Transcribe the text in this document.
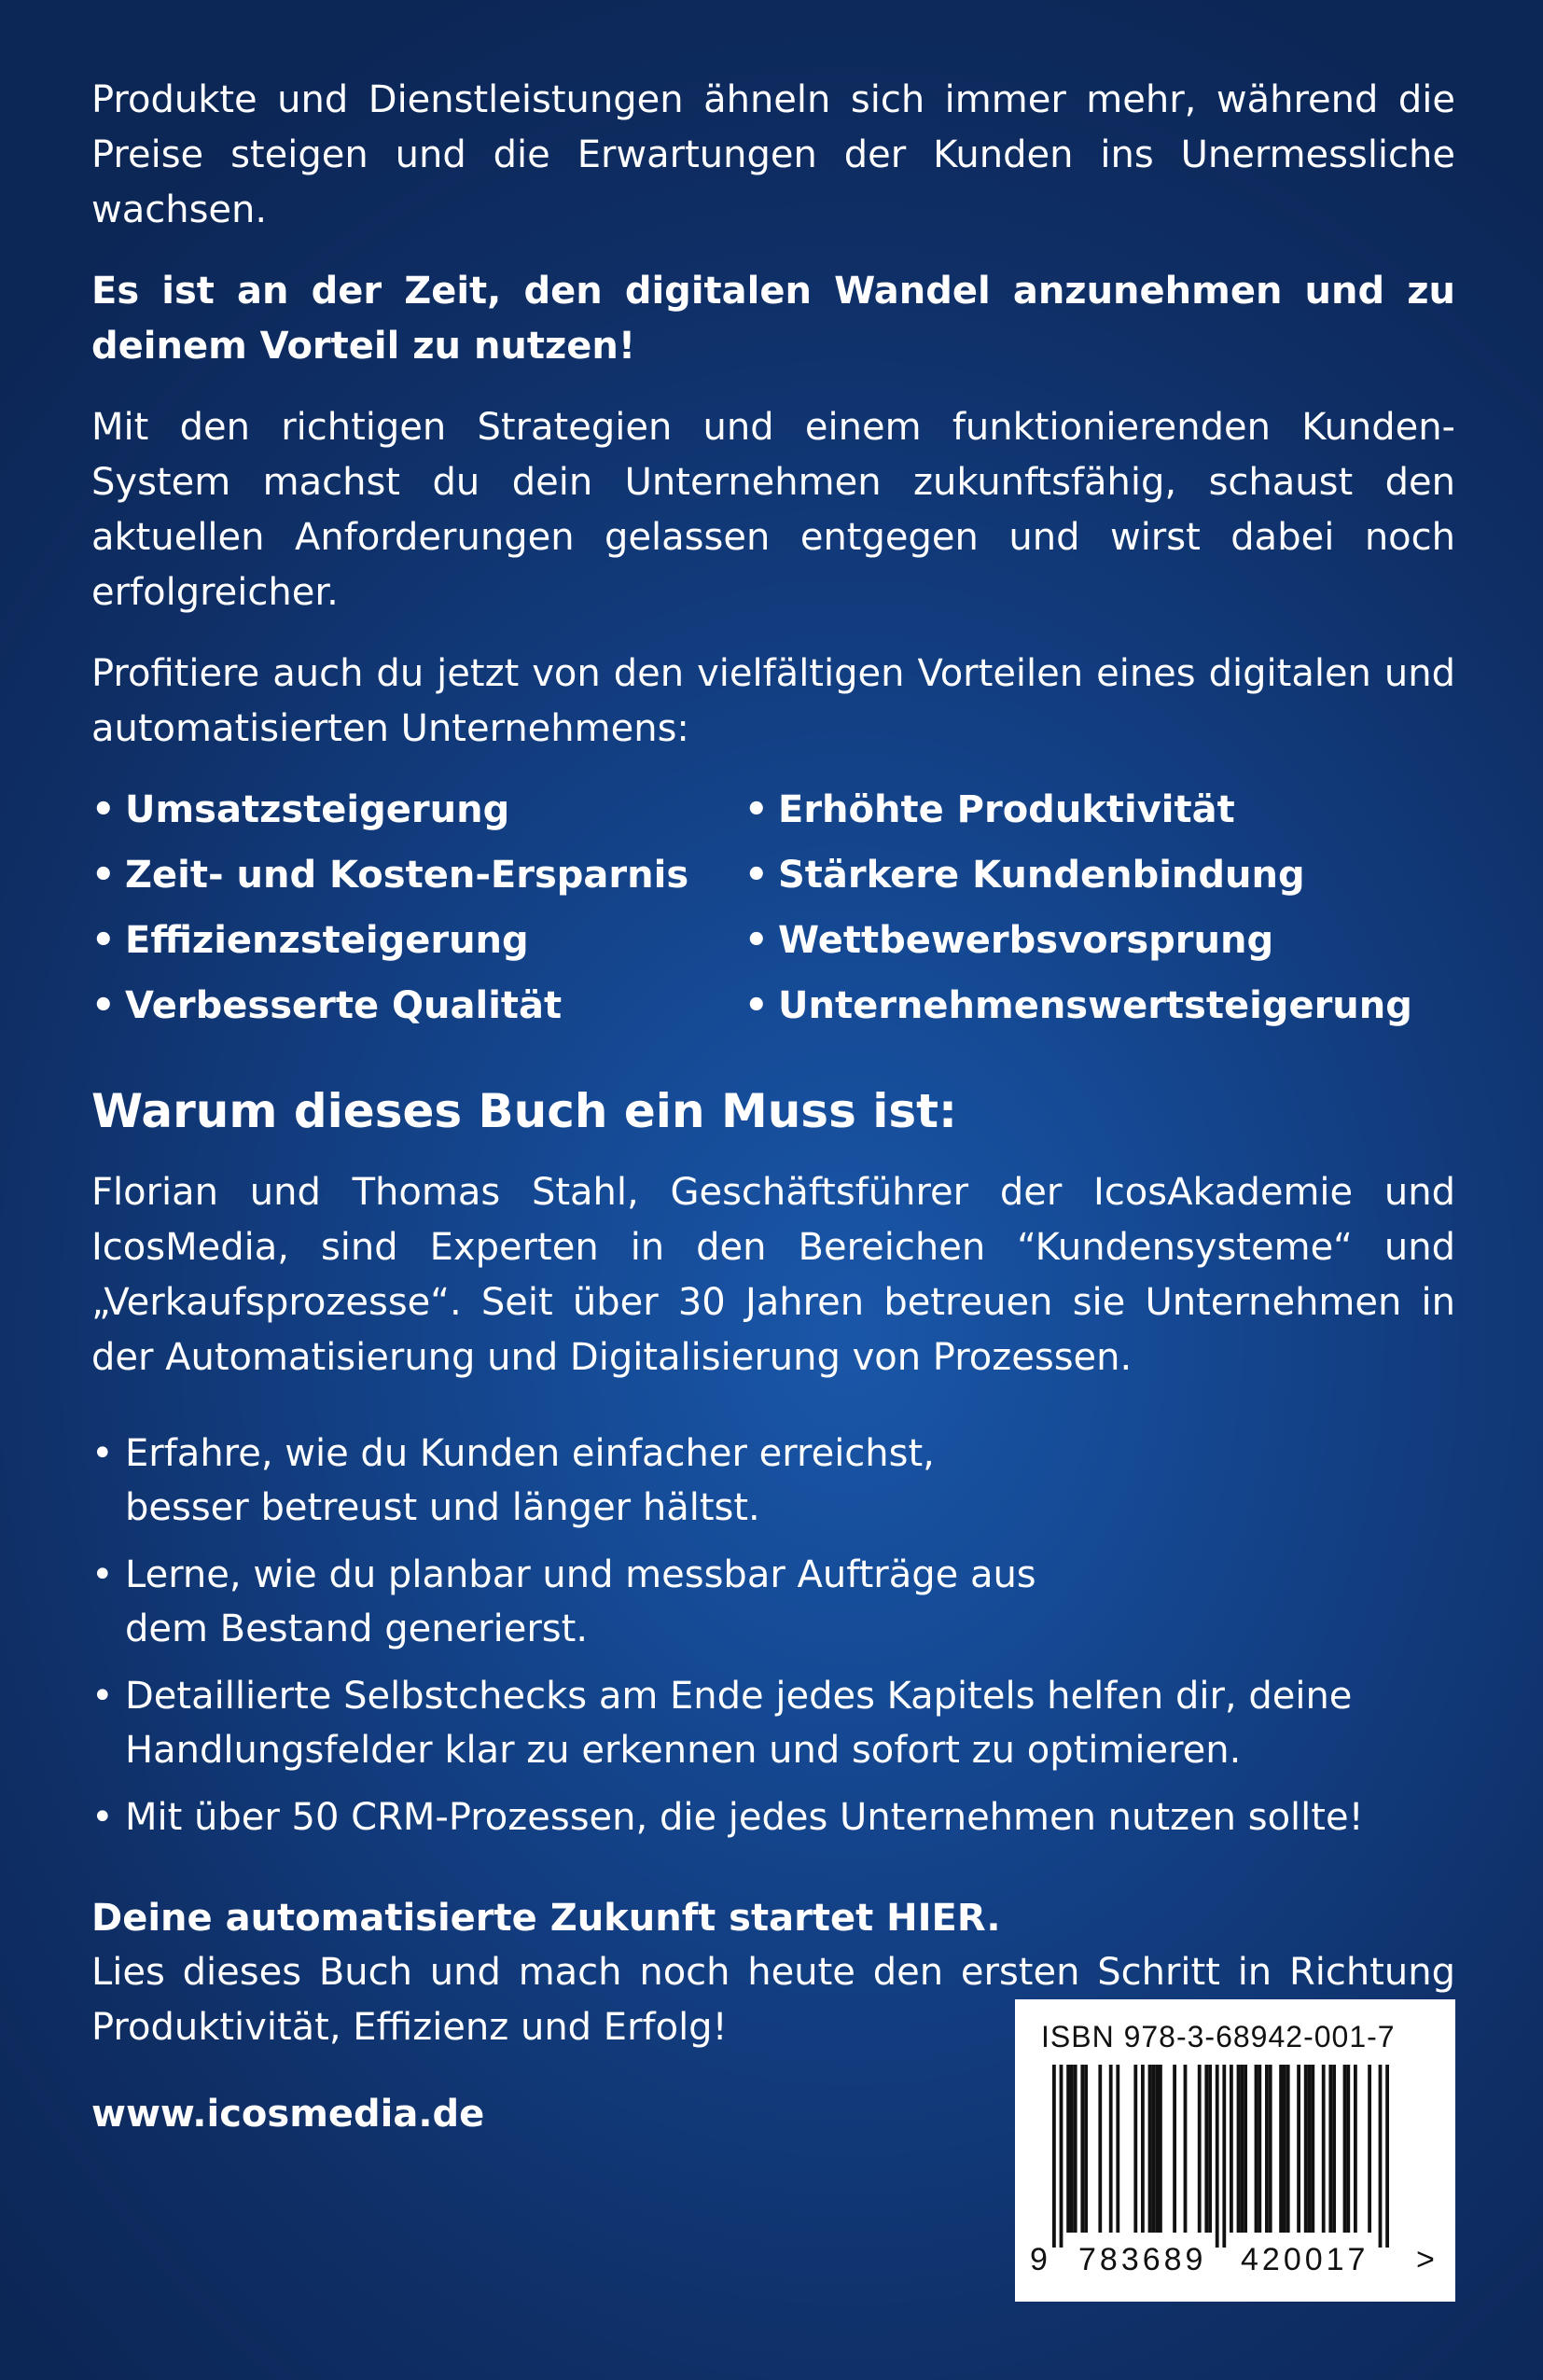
Produkte und Dienstleistungen ähneln sich immer mehr, während die Preise steigen und die Erwartungen der Kunden ins Unermessliche wachsen.

Es ist an der Zeit, den digitalen Wandel anzunehmen und zu deinem Vorteil zu nutzen!

Mit den richtigen Strategien und einem funktionierenden Kunden-System machst du dein Unternehmen zukunftsfähig, schaust den aktuellen Anforderungen gelassen entgegen und wirst dabei noch erfolgreicher.

Profitiere auch du jetzt von den vielfältigen Vorteilen eines digitalen und automatisierten Unternehmens:

• Umsatzsteigerung	• Erhöhte Produktivität
• Zeit- und Kosten-Ersparnis	• Stärkere Kundenbindung
• Effizienzsteigerung	• Wettbewerbsvorsprung
• Verbesserte Qualität	• Unternehmenswertsteigerung
Warum dieses Buch ein Muss ist:

Florian und Thomas Stahl, Geschäftsführer der IcosAkademie und IcosMedia, sind Experten in den Bereichen “Kundensysteme“ und „Verkaufsprozesse“. Seit über 30 Jahren betreuen sie Unternehmen in der Automatisierung und Digitalisierung von Prozessen.

• Erfahre, wie du Kunden einfacher erreichst, besser betreust und länger hältst.
• Lerne, wie du planbar und messbar Aufträge aus dem Bestand generierst.
• Detaillierte Selbstchecks am Ende jedes Kapitels helfen dir, deine Handlungsfelder klar zu erkennen und sofort zu optimieren.
• Mit über 50 CRM-Prozessen, die jedes Unternehmen nutzen sollte!

Deine automatisierte Zukunft startet HIER.

Lies dieses Buch und mach noch heute den ersten Schritt in Richtung Produktivität, Effizienz und Erfolg!

www.icosmedia.de

ISBN 978-3-68942-001-7
9 783689 420017 >
